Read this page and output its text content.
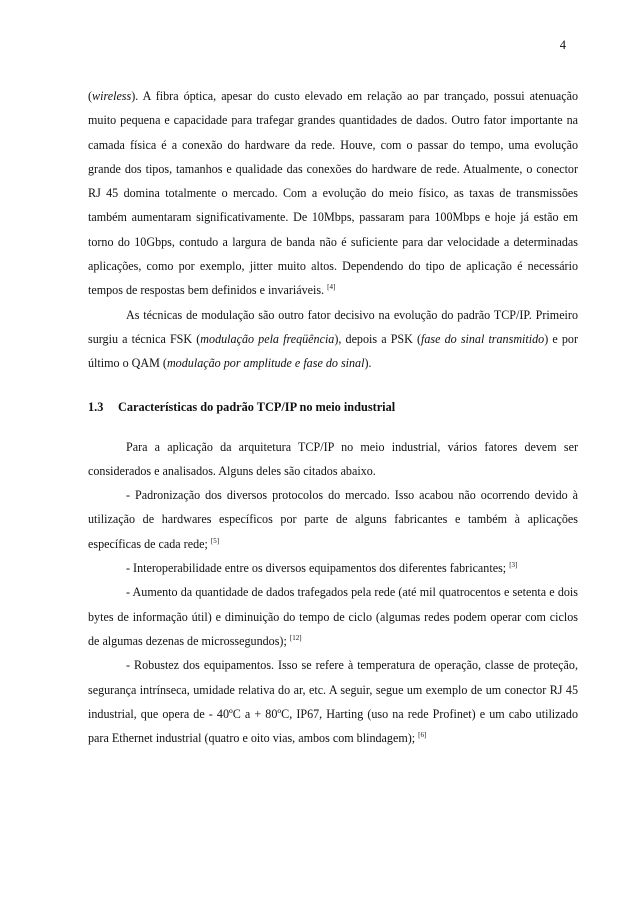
4

(wireless). A fibra óptica, apesar do custo elevado em relação ao par trançado, possui atenuação muito pequena e capacidade para trafegar grandes quantidades de dados. Outro fator importante na camada física é a conexão do hardware da rede. Houve, com o passar do tempo, uma evolução grande dos tipos, tamanhos e qualidade das conexões do hardware de rede. Atualmente, o conector RJ 45 domina totalmente o mercado. Com a evolução do meio físico, as taxas de transmissões também aumentaram significativamente. De 10Mbps, passaram para 100Mbps e hoje já estão em torno do 10Gbps, contudo a largura de banda não é suficiente para dar velocidade a determinadas aplicações, como por exemplo, jitter muito altos. Dependendo do tipo de aplicação é necessário tempos de respostas bem definidos e invariáveis. [4]

As técnicas de modulação são outro fator decisivo na evolução do padrão TCP/IP. Primeiro surgiu a técnica FSK (modulação pela freqüência), depois a PSK (fase do sinal transmitido) e por último o QAM (modulação por amplitude e fase do sinal).

1.3 Características do padrão TCP/IP no meio industrial

Para a aplicação da arquitetura TCP/IP no meio industrial, vários fatores devem ser considerados e analisados. Alguns deles são citados abaixo.

- Padronização dos diversos protocolos do mercado. Isso acabou não ocorrendo devido à utilização de hardwares específicos por parte de alguns fabricantes e também à aplicações específicas de cada rede; [5]

- Interoperabilidade entre os diversos equipamentos dos diferentes fabricantes; [3]

- Aumento da quantidade de dados trafegados pela rede (até mil quatrocentos e setenta e dois bytes de informação útil) e diminuição do tempo de ciclo (algumas redes podem operar com ciclos de algumas dezenas de microssegundos); [12]

- Robustez dos equipamentos. Isso se refere à temperatura de operação, classe de proteção, segurança intrínseca, umidade relativa do ar, etc. A seguir, segue um exemplo de um conector RJ 45 industrial, que opera de - 40ºC a + 80ºC, IP67, Harting (uso na rede Profinet) e um cabo utilizado para Ethernet industrial (quatro e oito vias, ambos com blindagem); [6]
